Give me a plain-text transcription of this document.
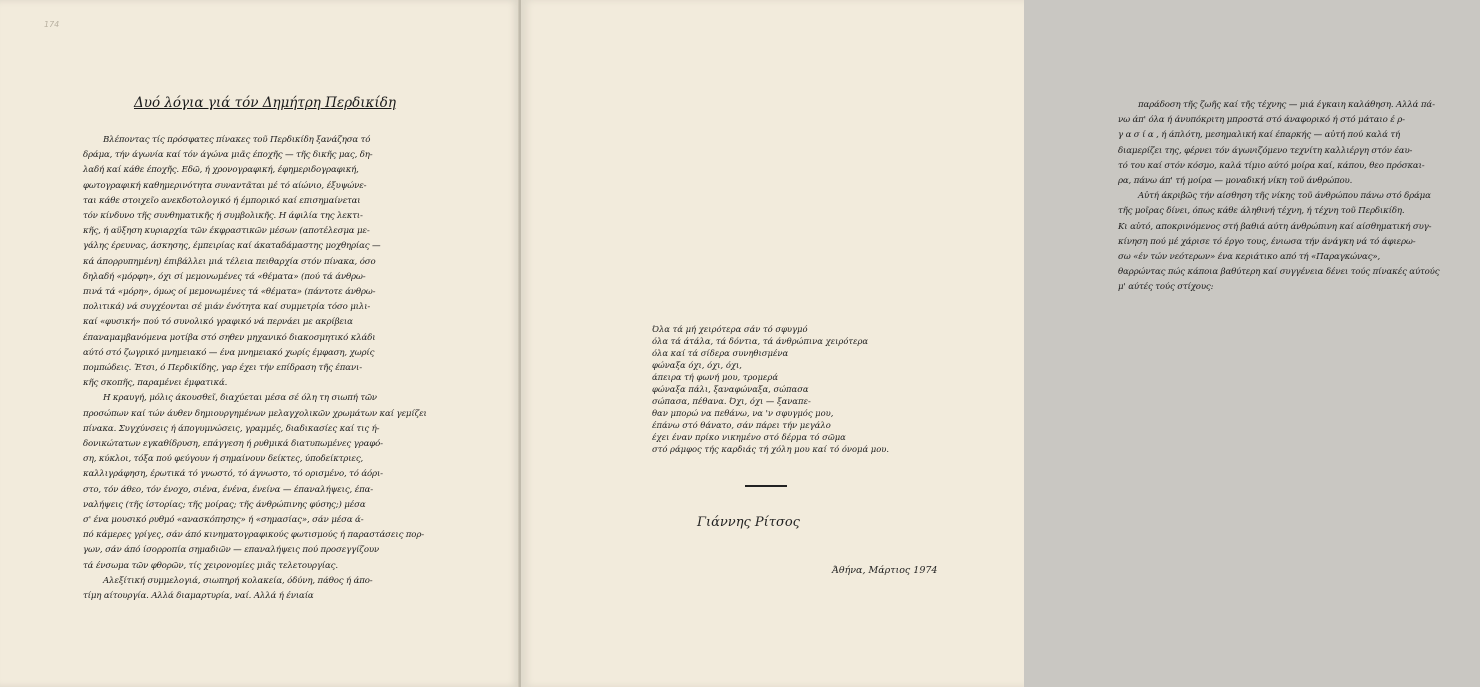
174
Δυό λόγια γιά τόν Δημήτρη Περδικίδη

Βλέποντας τίς πρόσφατες πίνακες τοῦ Περδικίδη ξανάζησα τό

δράμα, τήν άγωνία καί τόν άγώνα μιᾶς έποχῆς — τῆς δικῆς μας, δη-

λαδή καί κάθε έποχῆς. Εδῶ, ή χρονογραφική, έφημεριδογραφική,

φωτογραφική καθημερινότητα συναντᾶται μέ τό αίώνιο, έξυψώνε-

ται κάθε στοιχεῖο ανεκδοτολογικό ή έμπορικό καί επισημαίνεται

τόν κίνδυνο τῆς συνθηματικῆς ή συμβολικῆς. Η άφιλία της λεκτι-

κῆς, ή αϋξηση κυριαρχία τῶν έκφραστικῶν μέσων (αποτέλεσμα με-

γάλης έρευνας, άσκησης, έμπειρίας καί άκαταδάμαστης μοχθηρίας —

κά άπορρυπημένη) έπιβάλλει μιά τέλεια πειθαρχία στόν πίνακα, όσο

δηλαδή «μόρφη», όχι σί μεμονωμένες τά «θέματα» (πού τά άνθρω-

πινά τά «μόρη», όμως οί μεμονωμένες τά «θέματα» (πάντοτε άνθρω-

πολιτικά) νά συγχέονται σέ μιάν ένότητα καί συμμετρία τόσο μιλι-

καί «φυσική» πού τό συνολικό γραφικό νά περνάει με ακρίβεια

έπαναμαμβανόμενα μοτίβα στό σηθεν μηχανικό διακοσμητικό κλάδι

αύτό στό ζωγρικό μνημειακό — ένα μνημειακό χωρίς έμφαση, χωρίς

πομπώδεις. Έτσι, ό Περδικίδης, γαρ έχει τήν επίδραση τῆς έπανι-

κῆς σκοπῆς, παραμένει έμφατικά.

Η κραυγή, μόλις άκουσθεῖ, διαχύεται μέσα σέ όλη τη σιωπή τῶν

προσώπων καί τών άυθεν δημιουργημένων μελαγχολικῶν χρωμάτων καί γεμίζει

πίνακα. Συγχύνσεις ή άπογυμνώσεις, γραμμές, διαδικασίες καί τις ή-

δονικώτατων εγκαθίδρυση, επάγγεση ή ρυθμικά διατυπωμένες γραφό-

ση, κύκλοι, τόξα πού φεύγουν ή σημαίνουν δείκτες, ύποδείκτριες,

καλλιγράφηση, έρωτικά τό γνωστό, τό άγνωστο, τό ορισμένο, τό άόρι-

στο, τόν άθεο, τόν ένοχο, σιένα, ένένα, ένείνα — έπαναλήψεις, έπα-

ναλήψεις (τῆς ίστορίας; τῆς μοίρας; τῆς άνθρώπινης φύσης;) μέσα

σ' ένα μουσικό ρυθμό «ανασκόπησης» ή «σημασίας», σάν μέσα ά-

πό κάμερες γρίγες, σάν άπό κινηματογραφικούς φωτισμούς ή παραστάσεις πορ-

γων, σάν άπό ίσορροπία σημαδιῶν — επαναλήψεις πού προσεγγίζουν

τά ένσωμα τῶν φθορῶν, τίς χειρονομίες μιᾶς τελετουργίας.

Αλεξίτική συμμελογιά, σιωπηρή κολακεία, όδύνη, πάθος ή άπο-

τίμη αίτουργία. Αλλά διαμαρτυρία, ναί. Αλλά ή ένιαία

παράδοση τῆς ζωῆς καί τῆς τέχνης — μιά έγκαιη καλάθηση. Αλλά πά-

νω άπ' όλα ή άνυπόκριτη μπροστά στό άναφορικό ή στό μάταιο έ ρ-

γ α σ ί α , ή άπλότη, μεσημαλική καί έπαρκής — αὐτή πού καλά τή

διαμερίζει της, φέρνει τόν άγωνιζόμενο τεχνίτη καλλιέργη στόν έαυ-

τό του καί στόν κόσμο, καλά τίμιο αύτό μοίρα καί, κάπου, θεο πρόσκαι-

ρα, πάνω άπ' τή μοίρα — μοναδική νίκη τοῦ άνθρώπου.

Αὐτή άκριβῶς τήν αίσθηση τῆς νίκης τοῦ άνθρώπου πάνω στό δράμα

τῆς μοῖρας δίνει, όπως κάθε άληθινή τέχνη, ή τέχνη τοῦ Περδικίδη.

Κι αὐτό, αποκρινόμενος στή βαθιά αύτη άνθρώπινη καί αίσθηματική συγ-

κίνηση πού μέ χάρισε τό έργο τους, ένιωσα τήν άνάγκη νά τό άφιερω-

σω «έν τών νεότερων» ένα κεριάτικο από τή «Παραγκώνας»,

θαρρώντας πώς κάποια βαθύτερη καί συγγένεια δένει τούς πίνακές αύτούς

μ' αύτές τούς στίχους:

Όλα τά μή χειρότερα σάν τό σφυγμό

όλα τά άτάλα, τά δόντια, τά άνθρώπινα χειρότερα

όλα καί τά σίδερα συνηθισμένα

φώναξα όχι, όχι, όχι,

άπειρα τή φωνή μου, τρομερά

φώναξα πάλι, ξαναφώναξα, σώπασα

σώπασα, πέθανα. Όχι, όχι — ξαναπε-

θαν μπορώ να πεθάνω, να 'ν σφυγμός μου,

έπάνω στό θάνατο, σάν πάρει τήν μεγάλο

έχει έναν πρίκο νικημένο στό δέρμα τό σῶμα

στό ράμφος τής καρδιάς τή χόλη μου καί τό όνομά μου.

Γιάννης Ρίτσος
Άθήνα, Μάρτιος 1974
